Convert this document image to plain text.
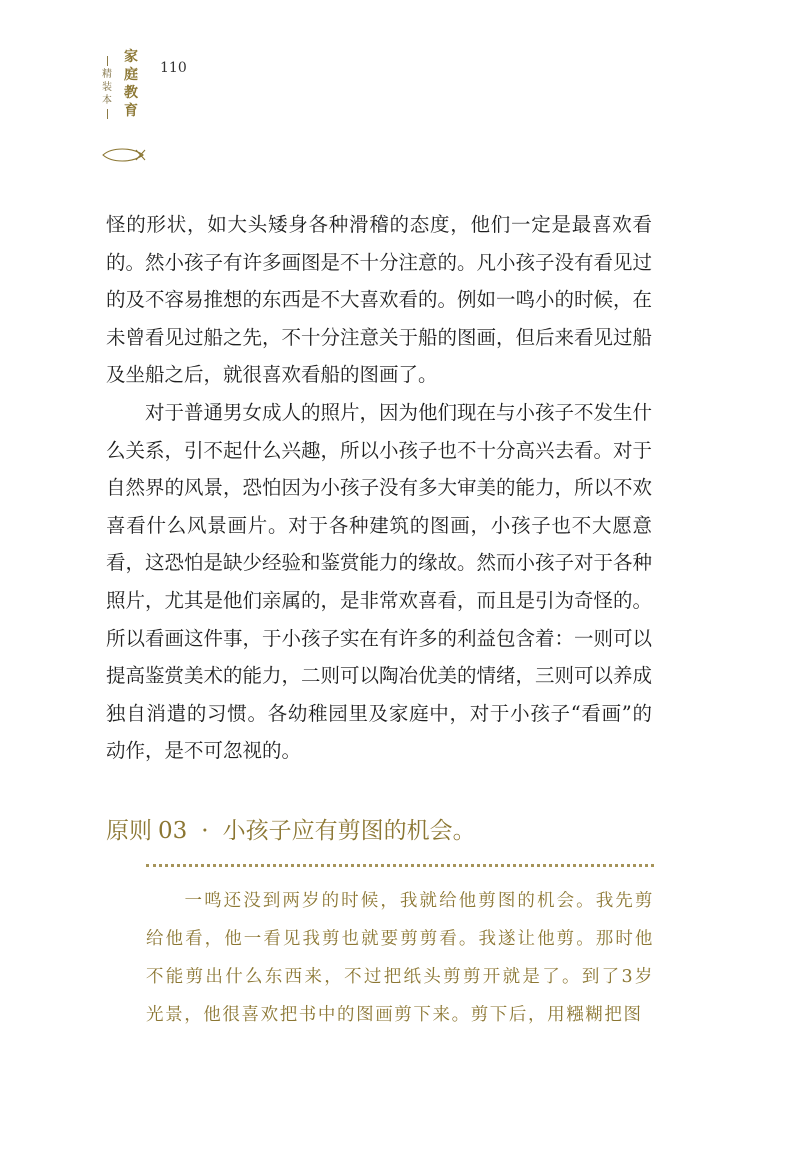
精
装
本
家
庭
教
育
110

怪的形状，如大头矮身各种滑稽的态度，他们一定是最喜欢看的。然小孩子有许多画图是不十分注意的。凡小孩子没有看见过的及不容易推想的东西是不大喜欢看的。例如一鸣小的时候，在未曾看见过船之先，不十分注意关于船的图画，但后来看见过船及坐船之后，就很喜欢看船的图画了。

对于普通男女成人的照片，因为他们现在与小孩子不发生什么关系，引不起什么兴趣，所以小孩子也不十分高兴去看。对于自然界的风景，恐怕因为小孩子没有多大审美的能力，所以不欢喜看什么风景画片。对于各种建筑的图画，小孩子也不大愿意看，这恐怕是缺少经验和鉴赏能力的缘故。然而小孩子对于各种照片，尤其是他们亲属的，是非常欢喜看，而且是引为奇怪的。所以看画这件事，于小孩子实在有许多的利益包含着：一则可以提高鉴赏美术的能力，二则可以陶冶优美的情绪，三则可以养成独自消遣的习惯。各幼稚园里及家庭中，对于小孩子“看画”的动作，是不可忽视的。

原则 03 · 小孩子应有剪图的机会。

一鸣还没到两岁的时候，我就给他剪图的机会。我先剪给他看，他一看见我剪也就要剪剪看。我遂让他剪。那时他不能剪出什么东西来，不过把纸头剪剪开就是了。到了3岁光景，他很喜欢把书中的图画剪下来。剪下后，用糨糊把图
